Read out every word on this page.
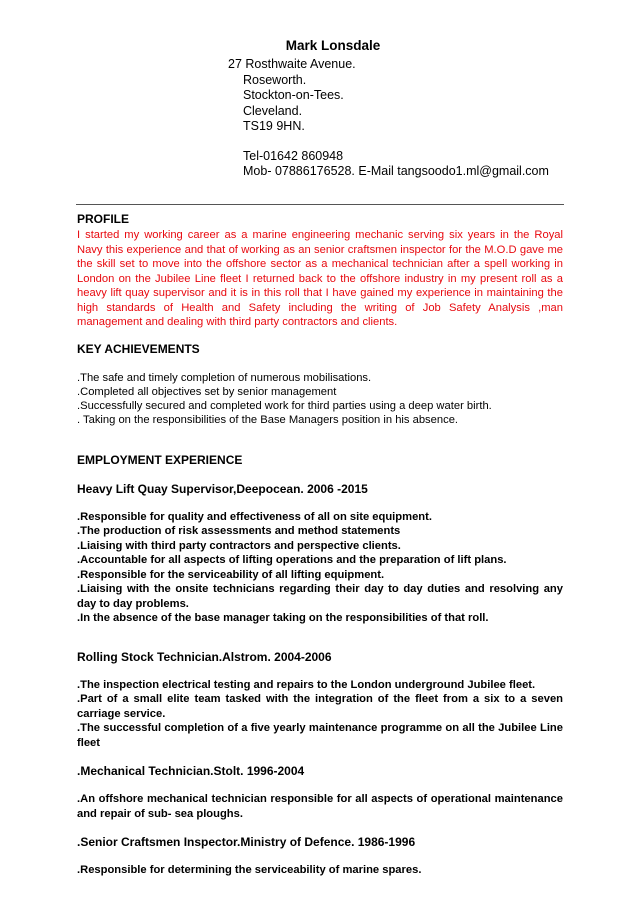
Mark Lonsdale
27 Rosthwaite Avenue.
Roseworth.
Stockton-on-Tees.
Cleveland.
TS19 9HN.
Tel-01642 860948
Mob- 07886176528. E-Mail tangsoodo1.ml@gmail.com

PROFILE

I started my working career as a marine engineering mechanic serving six years in the Royal Navy this experience and that of working as an senior craftsmen inspector for the M.O.D gave me the skill set to move into the offshore sector as a mechanical technician after a spell working in London on the Jubilee Line fleet I returned back to the offshore industry in my present roll as a heavy lift quay supervisor and it is in this roll that I have gained my experience in maintaining the high standards of Health and Safety including the writing of Job Safety Analysis ,man management and dealing with third party contractors and clients.

KEY ACHIEVEMENTS

.The safe and timely completion of numerous mobilisations.
.Completed all objectives set by senior management
.Successfully secured and completed work for third parties using a deep water birth.
. Taking on the responsibilities of the Base Managers position in his absence.

EMPLOYMENT EXPERIENCE

Heavy Lift Quay Supervisor,Deepocean. 2006 -2015

.Responsible for quality and effectiveness of all on site equipment.
.The production of risk assessments and method statements
.Liaising with third party contractors and perspective clients.
.Accountable for all aspects of lifting operations and the preparation of lift plans.
.Responsible for the serviceability of all lifting equipment.
.Liaising with the onsite technicians regarding their day to day duties and resolving any day to day problems.
.In the absence of the base manager taking on the responsibilities of that roll.

Rolling Stock Technician.Alstrom. 2004-2006

.The inspection electrical testing and repairs to the London underground Jubilee fleet.
.Part of a small elite team tasked with the integration of the fleet from a six to a seven carriage service.
.The successful completion of a five yearly maintenance programme on all the Jubilee Line fleet

.Mechanical Technician.Stolt. 1996-2004

.An offshore mechanical technician responsible for all aspects of operational maintenance and repair of sub- sea ploughs.

.Senior Craftsmen Inspector.Ministry of Defence. 1986-1996

.Responsible for determining the serviceability of marine spares.
